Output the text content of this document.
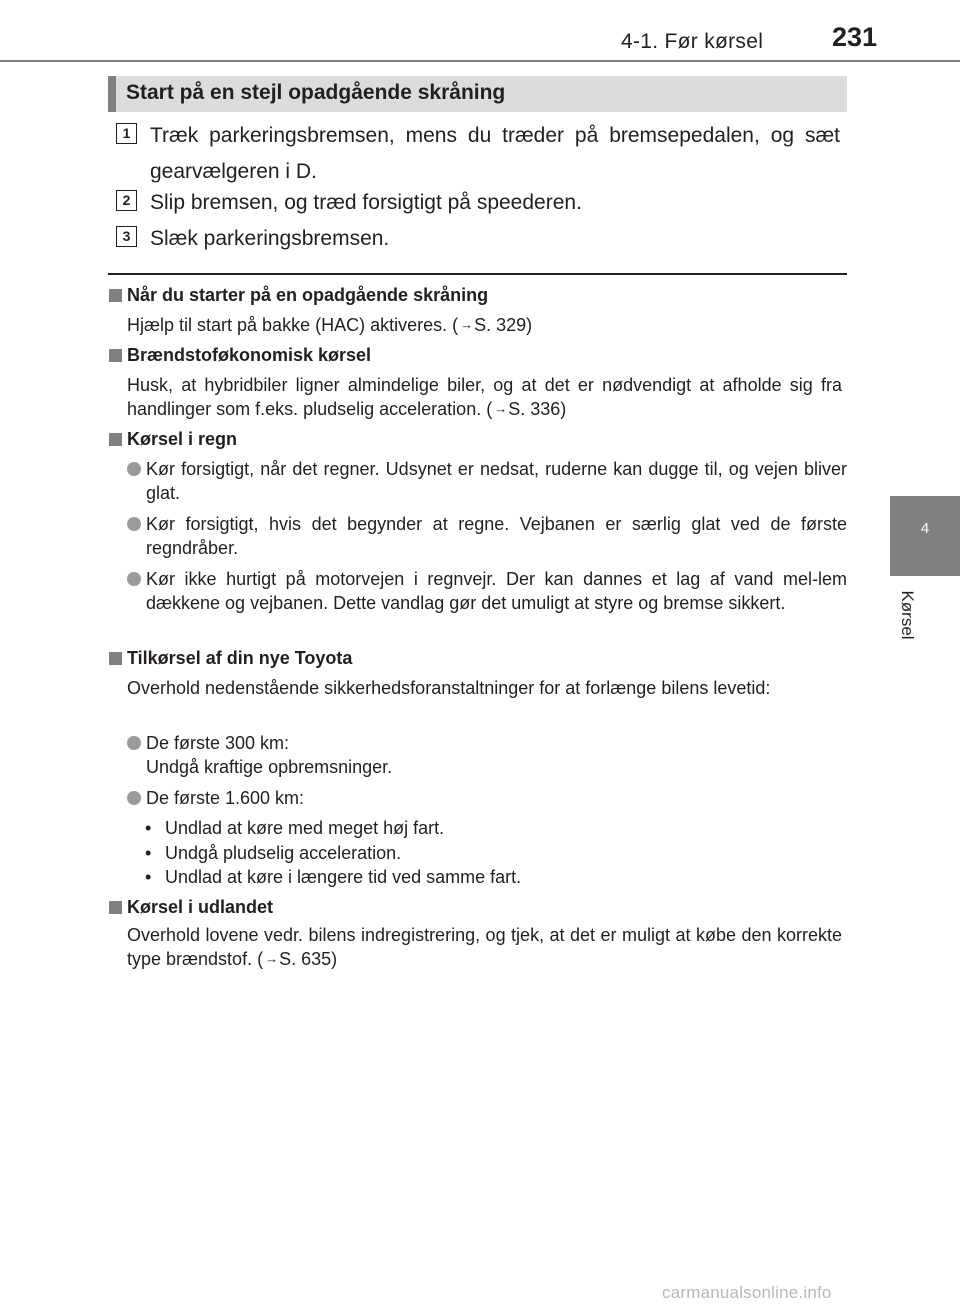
4-1. Før kørsel	231
4
Kørsel
Start på en stejl opadgående skråning
1 Træk parkeringsbremsen, mens du træder på bremsepedalen, og sæt gearvælgeren i D.
2 Slip bremsen, og træd forsigtigt på speederen.
3 Slæk parkeringsbremsen.
Når du starter på en opadgående skråning
Hjælp til start på bakke (HAC) aktiveres. ( →S. 329)
Brændstoføkonomisk kørsel
Husk, at hybridbiler ligner almindelige biler, og at det er nødvendigt at afholde sig fra handlinger som f.eks. pludselig acceleration. ( →S. 336)
Kørsel i regn
Kør forsigtigt, når det regner. Udsynet er nedsat, ruderne kan dugge til, og vejen bliver glat.
Kør forsigtigt, hvis det begynder at regne. Vejbanen er særlig glat ved de første regndråber.
Kør ikke hurtigt på motorvejen i regnvejr. Der kan dannes et lag af vand mel-lem dækkene og vejbanen. Dette vandlag gør det umuligt at styre og bremse sikkert.
Tilkørsel af din nye Toyota
Overhold nedenstående sikkerhedsforanstaltninger for at forlænge bilens levetid:
De første 300 km:
Undgå kraftige opbremsninger.
De første 1.600 km:
• Undlad at køre med meget høj fart.
• Undgå pludselig acceleration.
• Undlad at køre i længere tid ved samme fart.
Kørsel i udlandet
Overhold lovene vedr. bilens indregistrering, og tjek, at det er muligt at købe den korrekte type brændstof. ( →S. 635)
carmanualsonline.info
